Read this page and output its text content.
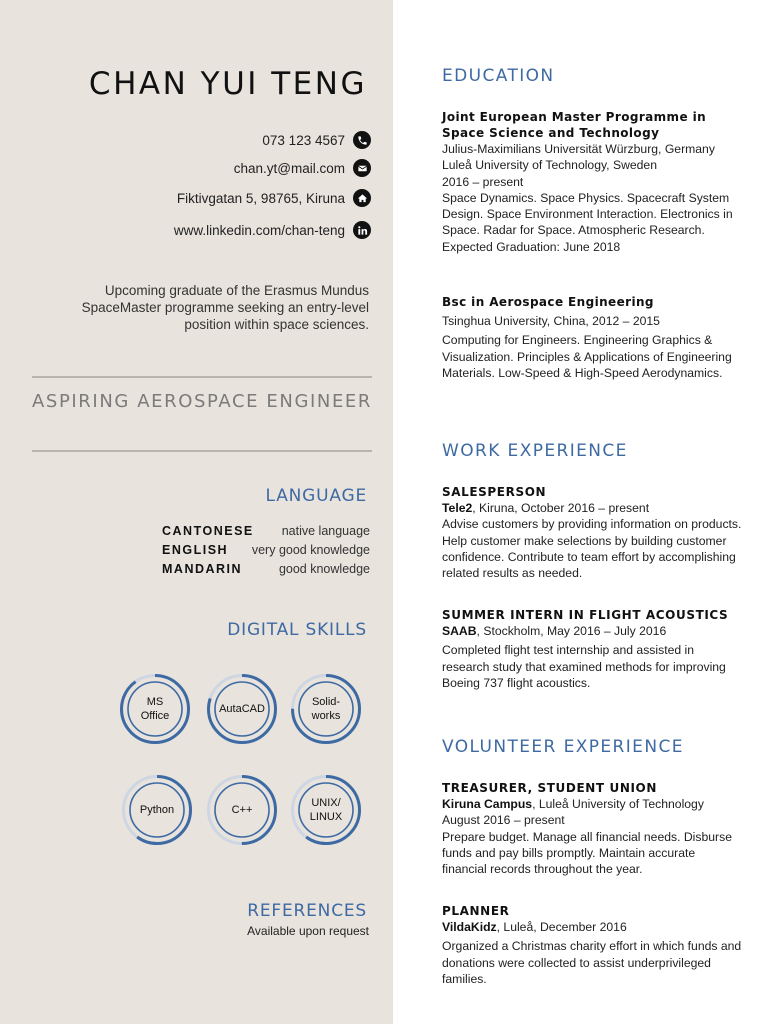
CHAN YUI TENG
073 123 4567
chan.yt@mail.com
Fiktivgatan 5, 98765, Kiruna
www.linkedin.com/chan-teng
Upcoming graduate of the Erasmus Mundus SpaceMaster programme seeking an entry-level position within space sciences.
ASPIRING AEROSPACE ENGINEER
LANGUAGE
CANTONESE native language
ENGLISH very good knowledge
MANDARIN	good knowledge
DIGITAL SKILLS
MS Office
AutaCAD
Solid-works
Python	C++
UNIX/ LINUX
REFERENCES
Available upon request
EDUCATION
Joint European Master Programme in Space Science and Technology
Julius-Maximilians Universität Würzburg, Germany
Luleå University of Technology, Sweden
2016 – present
Space Dynamics. Space Physics. Spacecraft System Design. Space Environment Interaction. Electronics in Space. Radar for Space. Atmospheric Research.
Expected Graduation: June 2018
Bsc in Aerospace Engineering
Tsinghua University, China, 2012 – 2015
Computing for Engineers. Engineering Graphics & Visualization. Principles & Applications of Engineering Materials. Low-Speed & High-Speed Aerodynamics.
WORK EXPERIENCE
SALESPERSON
Tele2, Kiruna, October 2016 – present
Advise customers by providing information on products. Help customer make selections by building customer confidence. Contribute to team effort by accomplishing related results as needed.
SUMMER INTERN IN FLIGHT ACOUSTICS
SAAB, Stockholm, May 2016 – July 2016
Completed flight test internship and assisted in research study that examined methods for improving Boeing 737 flight acoustics.
VOLUNTEER EXPERIENCE
TREASURER, STUDENT UNION
Kiruna Campus, Luleå University of Technology
August 2016 – present
Prepare budget. Manage all financial needs. Disburse funds and pay bills promptly. Maintain accurate financial records throughout the year.
PLANNER
VildaKidz, Luleå, December 2016
Organized a Christmas charity effort in which funds and donations were collected to assist underprivileged families.
